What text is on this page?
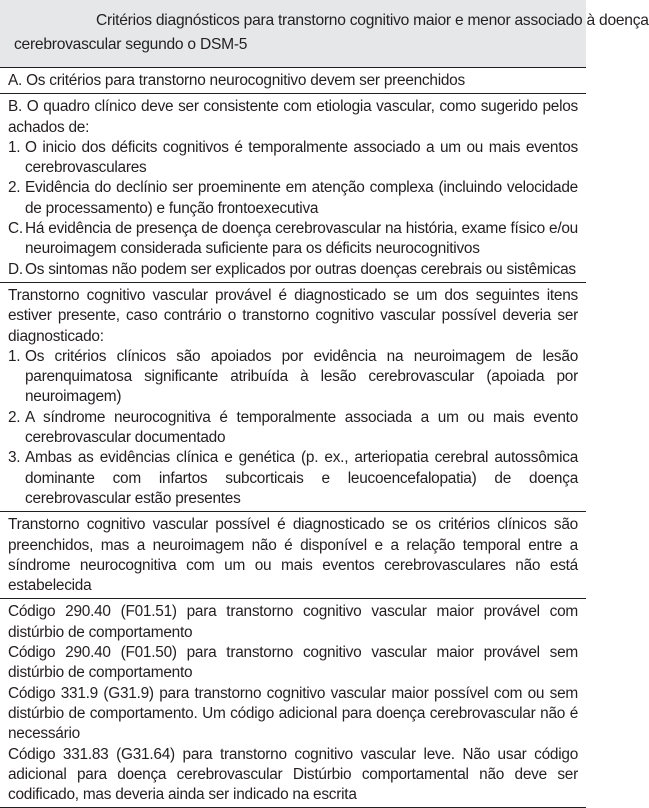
Critérios diagnósticos para transtorno cognitivo maior e menor associado à doença
cerebrovascular segundo o DSM-5

A. Os critérios para transtorno neurocognitivo devem ser preenchidos

B. O quadro clínico deve ser consistente com etiologia vascular, como sugerido pelos achados de:

1. O inicio dos déficits cognitivos é temporalmente associado a um ou mais eventos cerebrovasculares
2. Evidência do declínio ser proeminente em atenção complexa (incluindo velocidade de processamento) e função frontoexecutiva
C. Há evidência de presença de doença cerebrovascular na história, exame físico e/ou neuroimagem considerada suficiente para os déficits neurocognitivos
D. Os sintomas não podem ser explicados por outras doenças cerebrais ou sistêmicas

Transtorno cognitivo vascular provável é diagnosticado se um dos seguintes itens estiver presente, caso contrário o transtorno cognitivo vascular possível deveria ser diagnosticado:

1. Os critérios clínicos são apoiados por evidência na neuroimagem de lesão parenquimatosa significante atribuída à lesão cerebrovascular (apoiada por neuroimagem)
2. A síndrome neurocognitiva é temporalmente associada a um ou mais evento cerebrovascular documentado
3. Ambas as evidências clínica e genética (p. ex., arteriopatia cerebral autossômica dominante com infartos subcorticais e leucoencefalopatia) de doença cerebrovascular estão presentes

Transtorno cognitivo vascular possível é diagnosticado se os critérios clínicos são preenchidos, mas a neuroimagem não é disponível e a relação temporal entre a síndrome neurocognitiva com um ou mais eventos cerebrovasculares não está estabelecida

Código 290.40 (F01.51) para transtorno cognitivo vascular maior provável com distúrbio de comportamento

Código 290.40 (F01.50) para transtorno cognitivo vascular maior provável sem distúrbio de comportamento

Código 331.9 (G31.9) para transtorno cognitivo vascular maior possível com ou sem distúrbio de comportamento. Um código adicional para doença cerebrovascular não é necessário

Código 331.83 (G31.64) para transtorno cognitivo vascular leve. Não usar código adicional para doença cerebrovascular Distúrbio comportamental não deve ser codificado, mas deveria ainda ser indicado na escrita
